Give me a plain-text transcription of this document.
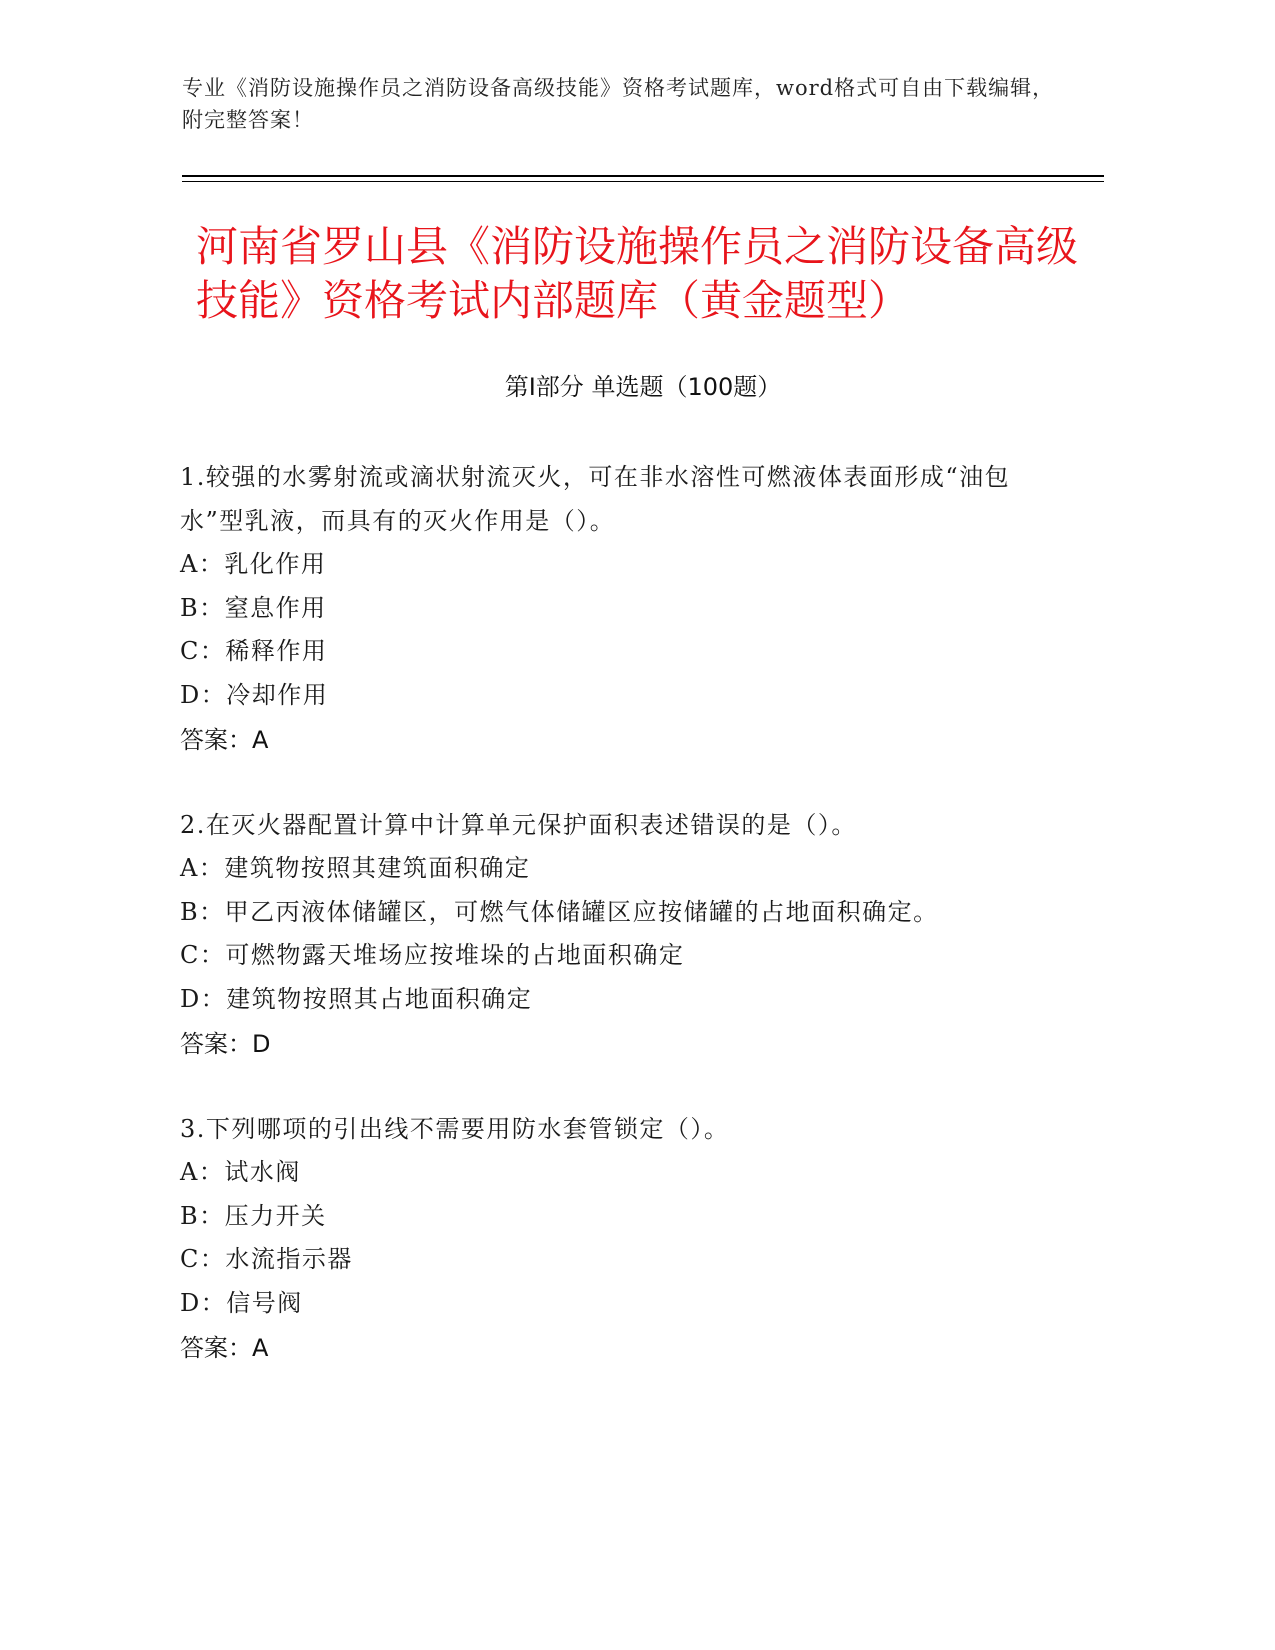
专业《消防设施操作员之消防设备高级技能》资格考试题库，word格式可自由下载编辑，附完整答案！
河南省罗山县《消防设施操作员之消防设备高级技能》资格考试内部题库（黄金题型）
第Ⅰ部分 单选题（100题）
1.较强的水雾射流或滴状射流灭火，可在非水溶性可燃液体表面形成“油包水”型乳液，而具有的灭火作用是（）。
A：乳化作用
B：窒息作用
C：稀释作用
D：冷却作用
答案：A
2.在灭火器配置计算中计算单元保护面积表述错误的是（）。
A：建筑物按照其建筑面积确定
B：甲乙丙液体储罐区，可燃气体储罐区应按储罐的占地面积确定。
C：可燃物露天堆场应按堆垛的占地面积确定
D：建筑物按照其占地面积确定
答案：D
3.下列哪项的引出线不需要用防水套管锁定（）。
A：试水阀
B：压力开关
C：水流指示器
D：信号阀
答案：A
